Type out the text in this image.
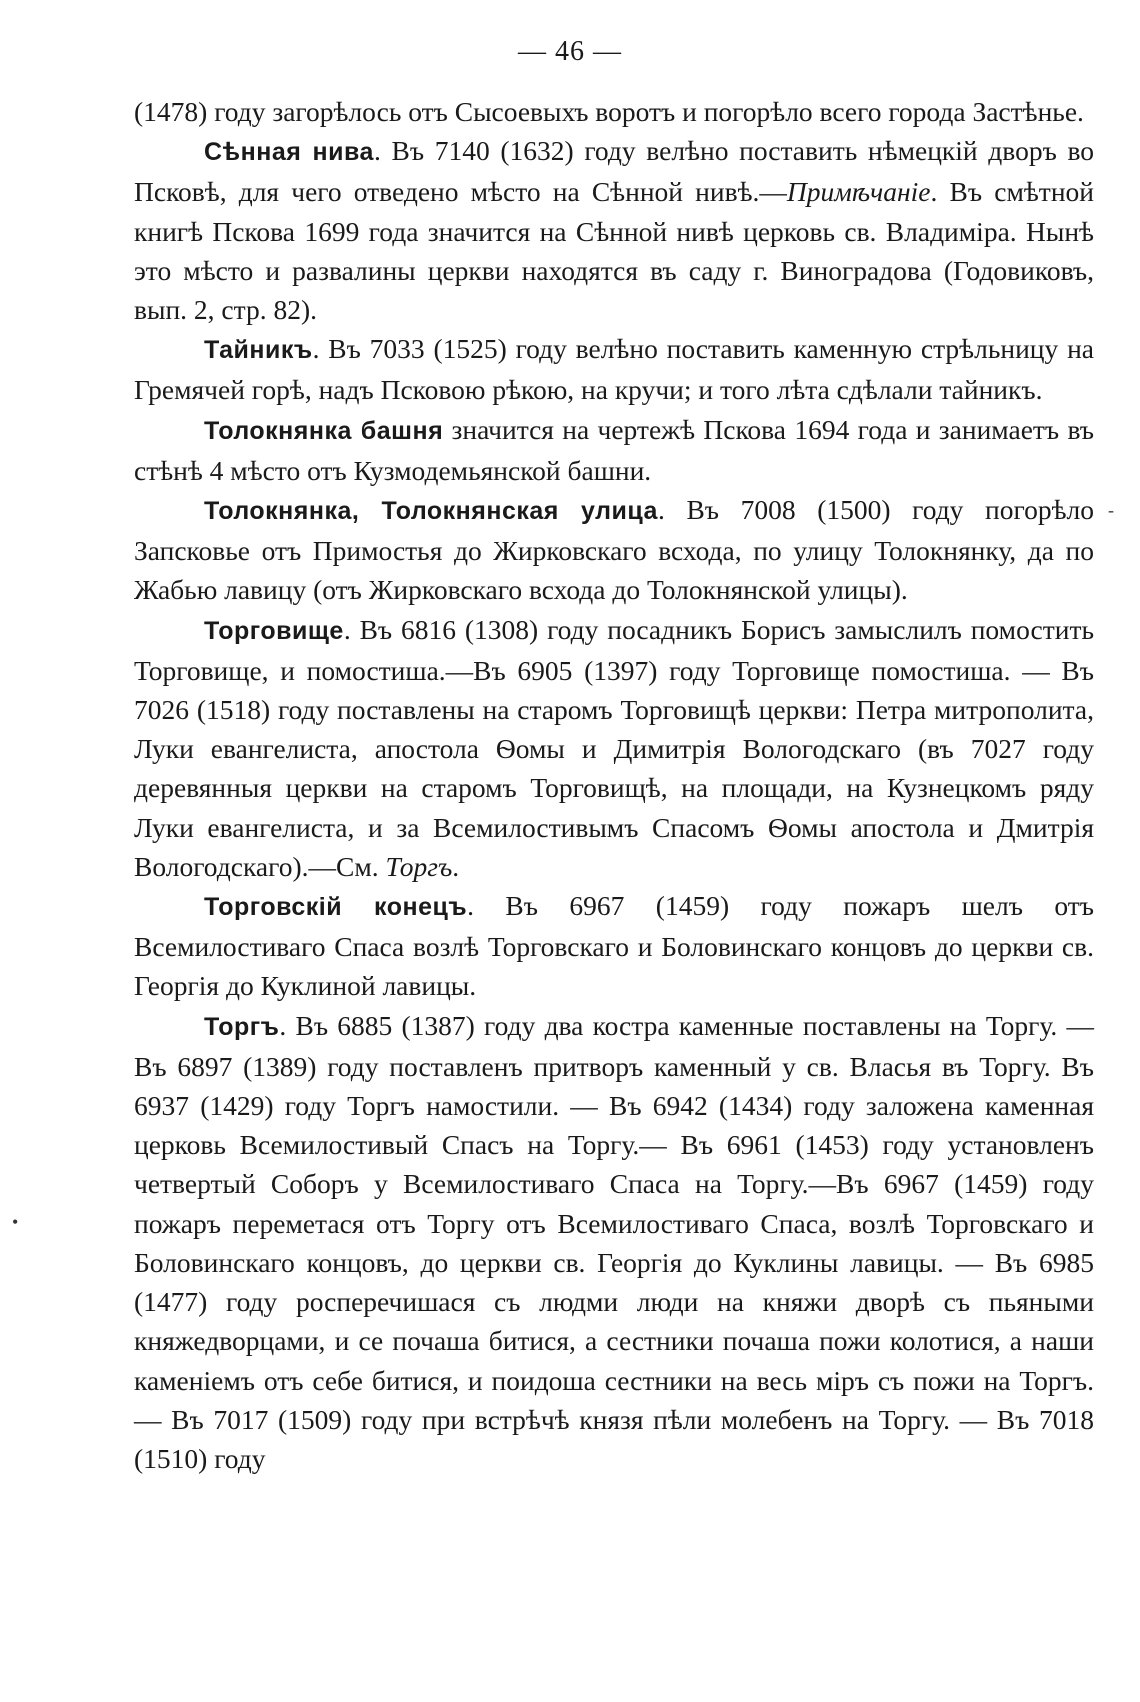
— 46 —

(1478) году загорѣлось отъ Сысоевыхъ воротъ и погорѣло всего города Застѣнье.

Сѣнная нива. Въ 7140 (1632) году велѣно поставить нѣмецкій дворъ во Псковѣ, для чего отведено мѣсто на Сѣнной нивѣ.—Примѣчаніе. Въ смѣтной книгѣ Пскова 1699 года значится на Сѣнной нивѣ церковь св. Владиміра. Нынѣ это мѣсто и развалины церкви находятся въ саду г. Виноградова (Годовиковъ, вып. 2, стр. 82).

Тайникъ. Въ 7033 (1525) году велѣно поставить каменную стрѣльницу на Гремячей горѣ, надъ Псковою рѣкою, на кручи; и того лѣта сдѣлали тайникъ.

Толокнянка башня значится на чертежѣ Пскова 1694 года и занимаетъ въ стѣнѣ 4 мѣсто отъ Кузмодемьянской башни.

Толокнянка, Толокнянская улица. Въ 7008 (1500) году погорѣло Запсковье отъ Примостья до Жирковскаго всхода, по улицу Толокнянку, да по Жабью лавицу (отъ Жирковскаго всхода до Толокнянской улицы).

Торговище. Въ 6816 (1308) году посадникъ Борисъ замыслилъ помостить Торговище, и помостиша.—Въ 6905 (1397) году Торговище помостиша. — Въ 7026 (1518) году поставлены на старомъ Торговищѣ церкви: Петра митрополита, Луки евангелиста, апостола Ѳомы и Димитрія Вологодскаго (въ 7027 году деревянныя церкви на старомъ Торговищѣ, на площади, на Кузнецкомъ ряду Луки евангелиста, и за Всемилостивымъ Спасомъ Ѳомы апостола и Дмитрія Вологодскаго).—См. Торгъ.

Торговскій конецъ. Въ 6967 (1459) году пожаръ шелъ отъ Всемилостиваго Спаса возлѣ Торговскаго и Боловинскаго концовъ до церкви св. Георгія до Куклиной лавицы.

Торгъ. Въ 6885 (1387) году два костра каменные поставлены на Торгу. — Въ 6897 (1389) году поставленъ притворъ каменный у св. Власья въ Торгу. Въ 6937 (1429) году Торгъ намостили. — Въ 6942 (1434) году заложена каменная церковь Всемилостивый Спасъ на Торгу.— Въ 6961 (1453) году установленъ четвертый Соборъ у Всемилостиваго Спаса на Торгу.—Въ 6967 (1459) году пожаръ переметася отъ Торгу отъ Всемилостиваго Спаса, возлѣ Торговскаго и Боловинскаго концовъ, до церкви св. Георгія до Куклины лавицы. — Въ 6985 (1477) году росперечишася съ людми люди на княжи дворѣ съ пьяными княжедворцами, и се почаша битися, а сестники почаша пожи колотися, а наши каменіемъ отъ себе битися, и поидоша сестники на весь міръ съ пожи на Торгъ. — Въ 7017 (1509) году при встрѣчѣ князя пѣли молебенъ на Торгу. — Въ 7018 (1510) году

-
•
